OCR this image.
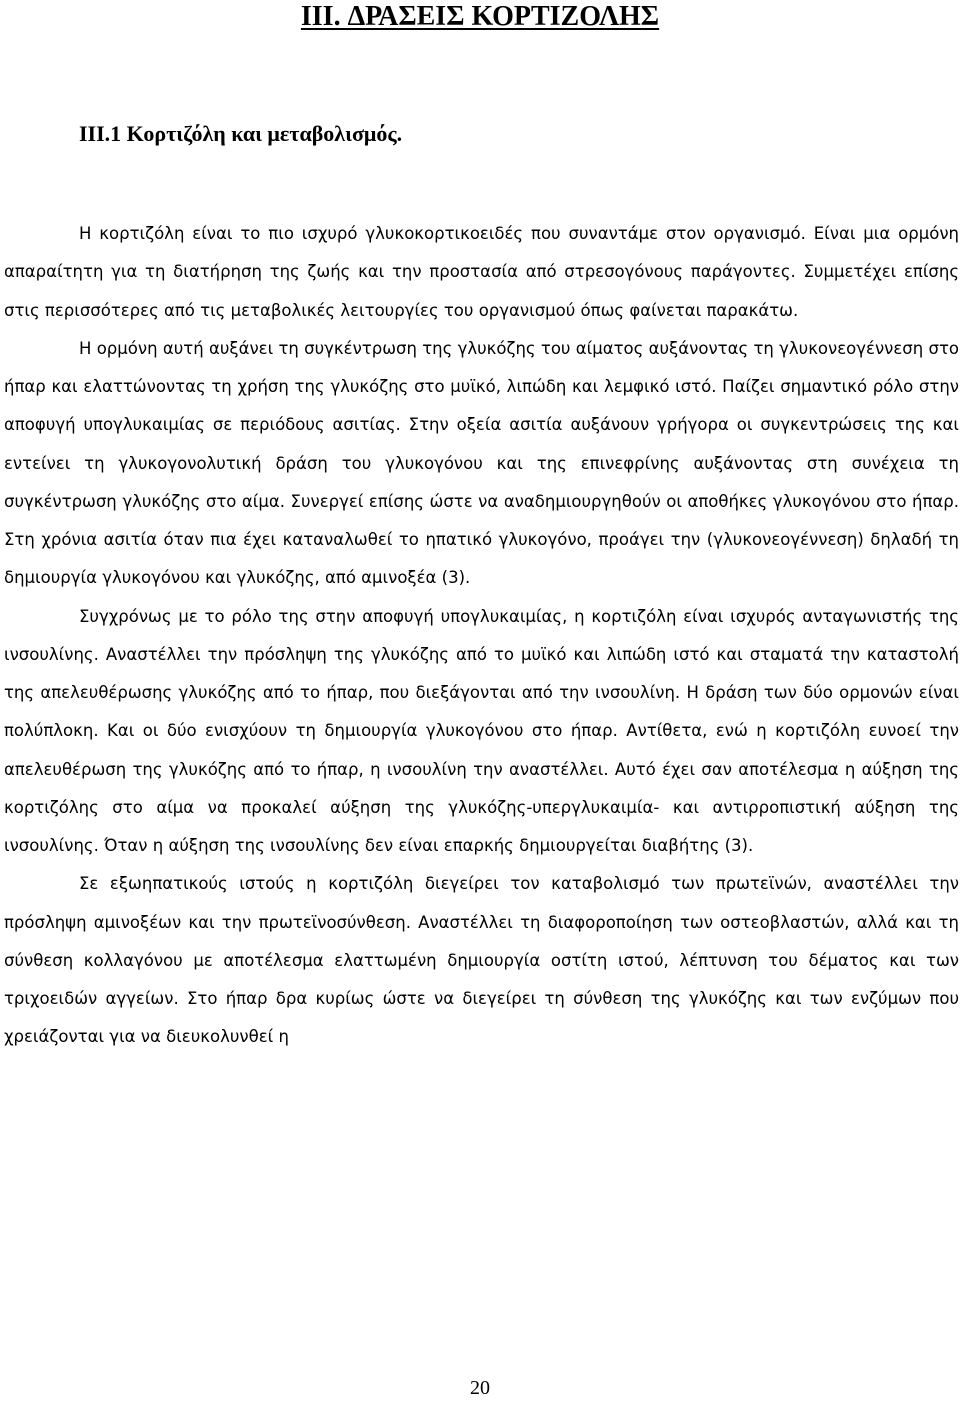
III. ΔΡΑΣΕΙΣ ΚΟΡΤΙΖΟΛΗΣ
III.1 Κορτιζόλη και μεταβολισμός.

Η κορτιζόλη είναι το πιο ισχυρό γλυκοκορτικοειδές που συναντάμε στον οργανισμό. Είναι μια ορμόνη απαραίτητη για τη διατήρηση της ζωής και την προστασία από στρεσογόνους παράγοντες. Συμμετέχει επίσης στις περισσότερες από τις μεταβολικές λειτουργίες του οργανισμού όπως φαίνεται παρακάτω.

Η ορμόνη αυτή αυξάνει τη συγκέντρωση της γλυκόζης του αίματος αυξάνοντας τη γλυκονεογέννεση στο ήπαρ και ελαττώνοντας τη χρήση της γλυκόζης στο μυϊκό, λιπώδη και λεμφικό ιστό. Παίζει σημαντικό ρόλο στην αποφυγή υπογλυκαιμίας σε περιόδους ασιτίας. Στην οξεία ασιτία αυξάνουν γρήγορα οι συγκεντρώσεις της και εντείνει τη γλυκογονολυτική δράση του γλυκογόνου και της επινεφρίνης αυξάνοντας στη συνέχεια τη συγκέντρωση γλυκόζης στο αίμα. Συνεργεί επίσης ώστε να αναδημιουργηθούν οι αποθήκες γλυκογόνου στο ήπαρ. Στη χρόνια ασιτία όταν πια έχει καταναλωθεί το ηπατικό γλυκογόνο, προάγει την (γλυκονεογέννεση) δηλαδή τη δημιουργία γλυκογόνου και γλυκόζης, από αμινοξέα (3).

Συγχρόνως με το ρόλο της στην αποφυγή υπογλυκαιμίας, η κορτιζόλη είναι ισχυρός ανταγωνιστής της ινσουλίνης. Αναστέλλει την πρόσληψη της γλυκόζης από το μυϊκό και λιπώδη ιστό και σταματά την καταστολή της απελευθέρωσης γλυκόζης από το ήπαρ, που διεξάγονται από την ινσουλίνη. Η δράση των δύο ορμονών είναι πολύπλοκη. Και οι δύο ενισχύουν τη δημιουργία γλυκογόνου στο ήπαρ. Αντίθετα, ενώ η κορτιζόλη ευνοεί την απελευθέρωση της γλυκόζης από το ήπαρ, η ινσουλίνη την αναστέλλει. Αυτό έχει σαν αποτέλεσμα η αύξηση της κορτιζόλης στο αίμα να προκαλεί αύξηση της γλυκόζης-υπεργλυκαιμία- και αντιρροπιστική αύξηση της ινσουλίνης. Όταν η αύξηση της ινσουλίνης δεν είναι επαρκής δημιουργείται διαβήτης (3).

Σε εξωηπατικούς ιστούς η κορτιζόλη διεγείρει τον καταβολισμό των πρωτεϊνών, αναστέλλει την πρόσληψη αμινοξέων και την πρωτεϊνοσύνθεση. Αναστέλλει τη διαφοροποίηση των οστεοβλαστών, αλλά και τη σύνθεση κολλαγόνου με αποτέλεσμα ελαττωμένη δημιουργία οστίτη ιστού, λέπτυνση του δέματος και των τριχοειδών αγγείων. Στο ήπαρ δρα κυρίως ώστε να διεγείρει τη σύνθεση της γλυκόζης και των ενζύμων που χρειάζονται για να διευκολυνθεί η

20
